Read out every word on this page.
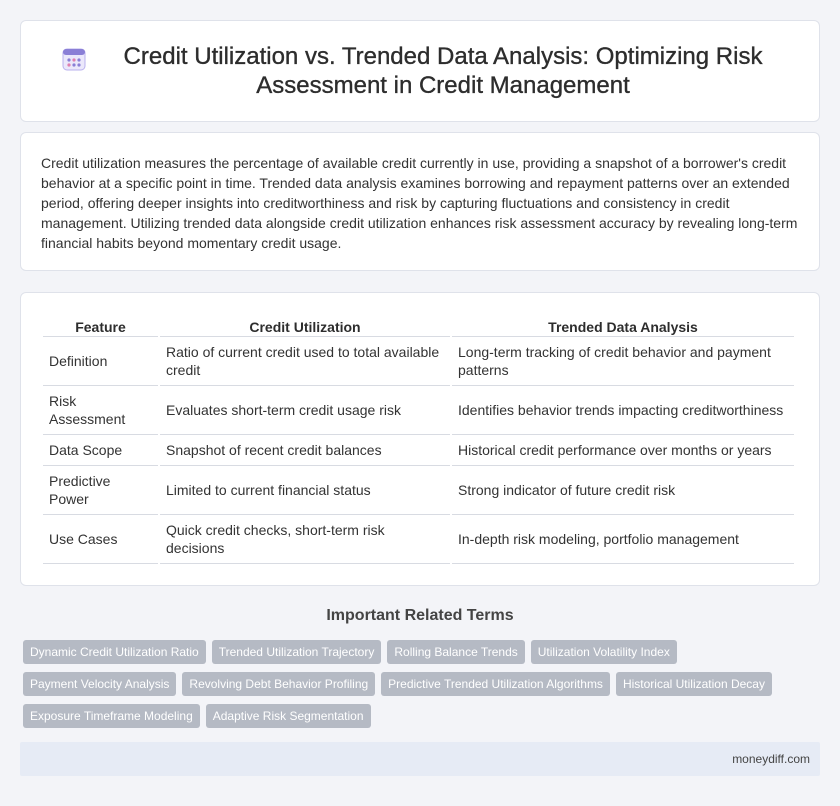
Credit Utilization vs. Trended Data Analysis: Optimizing Risk Assessment in Credit Management

Credit utilization measures the percentage of available credit currently in use, providing a snapshot of a borrower's credit behavior at a specific point in time. Trended data analysis examines borrowing and repayment patterns over an extended period, offering deeper insights into creditworthiness and risk by capturing fluctuations and consistency in credit management. Utilizing trended data alongside credit utilization enhances risk assessment accuracy by revealing long-term financial habits beyond momentary credit usage.

Feature	Credit Utilization	Trended Data Analysis
Definition	Ratio of current credit used to total available credit	Long-term tracking of credit behavior and payment patterns
Risk Assessment	Evaluates short-term credit usage risk	Identifies behavior trends impacting creditworthiness
Data Scope	Snapshot of recent credit balances	Historical credit performance over months or years
Predictive Power	Limited to current financial status	Strong indicator of future credit risk
Use Cases	Quick credit checks, short-term risk decisions	In-depth risk modeling, portfolio management
Important Related Terms
Dynamic Credit Utilization Ratio	Trended Utilization Trajectory	Rolling Balance Trends	Utilization Volatility Index
Payment Velocity Analysis	Revolving Debt Behavior Profiling	Predictive Trended Utilization Algorithms	Historical Utilization Decay
Exposure Timeframe Modeling	Adaptive Risk Segmentation
moneydiff.com
